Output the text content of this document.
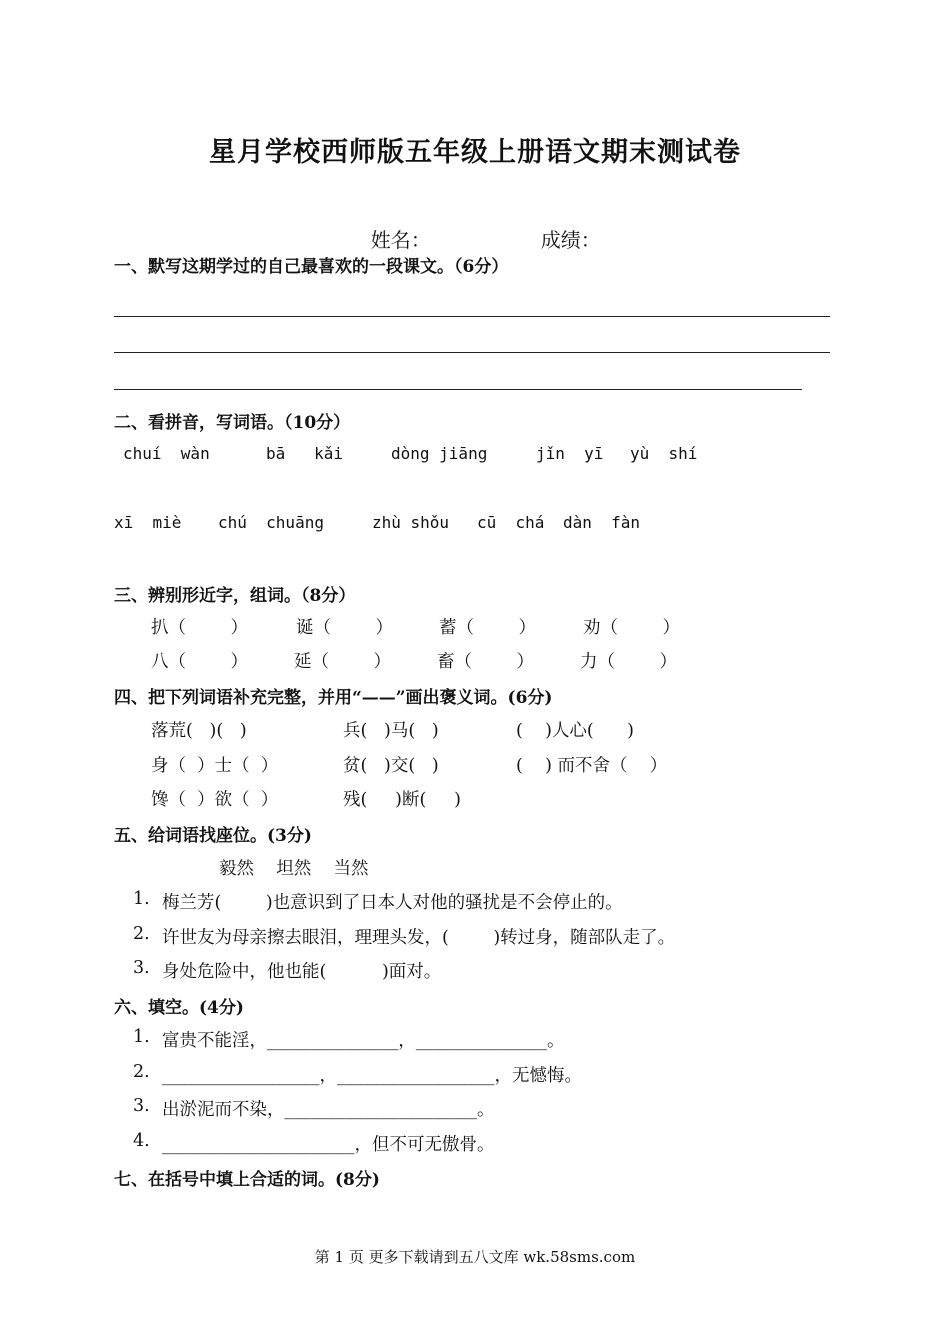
星月学校西师版五年级上册语文期末测试卷

姓名：	成绩：

一、默写这期学过的自己最喜欢的一段课文。（6分）
二、看拼音，写词语。（10分）
chuí  wàn	bā   kǎi	dòng jiāng	jǐn  yī yù  shí
xī  miè chú  chuāng	zhù shǒu cū  chá dàn  fàn
三、辨别形近字，组词。（8分）
扒（        ）	诞（        ）	蓄（        ）	劝（        ）
八（        ）	延（        ）	畜（        ）	力（        ）
四、把下列词语补充完整，并用“——”画出褒义词。(6分)
落荒(   )(   )	兵(   )马(   )	(    )人心(      )
身（  ）士（  ）	贫(   )交(   )	(    ) 而不舍（    ）
馋（  ）欲（  ）	残(     )断(     )
五、给词语找座位。(3分)
毅然    坦然    当然
1. 梅兰芳(        )也意识到了日本人对他的骚扰是不会停止的。
2. 许世友为母亲擦去眼泪，理理头发，(        )转过身，随部队走了。
3. 身处危险中，他也能(          )面对。
六、填空。(4分)
1. 富贵不能淫，_______________，_______________。
2. __________________，__________________，无憾悔。
3. 出淤泥而不染，______________________。
4. ______________________，但不可无傲骨。
七、在括号中填上合适的词。(8分)
第 1 页 更多下载请到五八文库 wk.58sms.com
